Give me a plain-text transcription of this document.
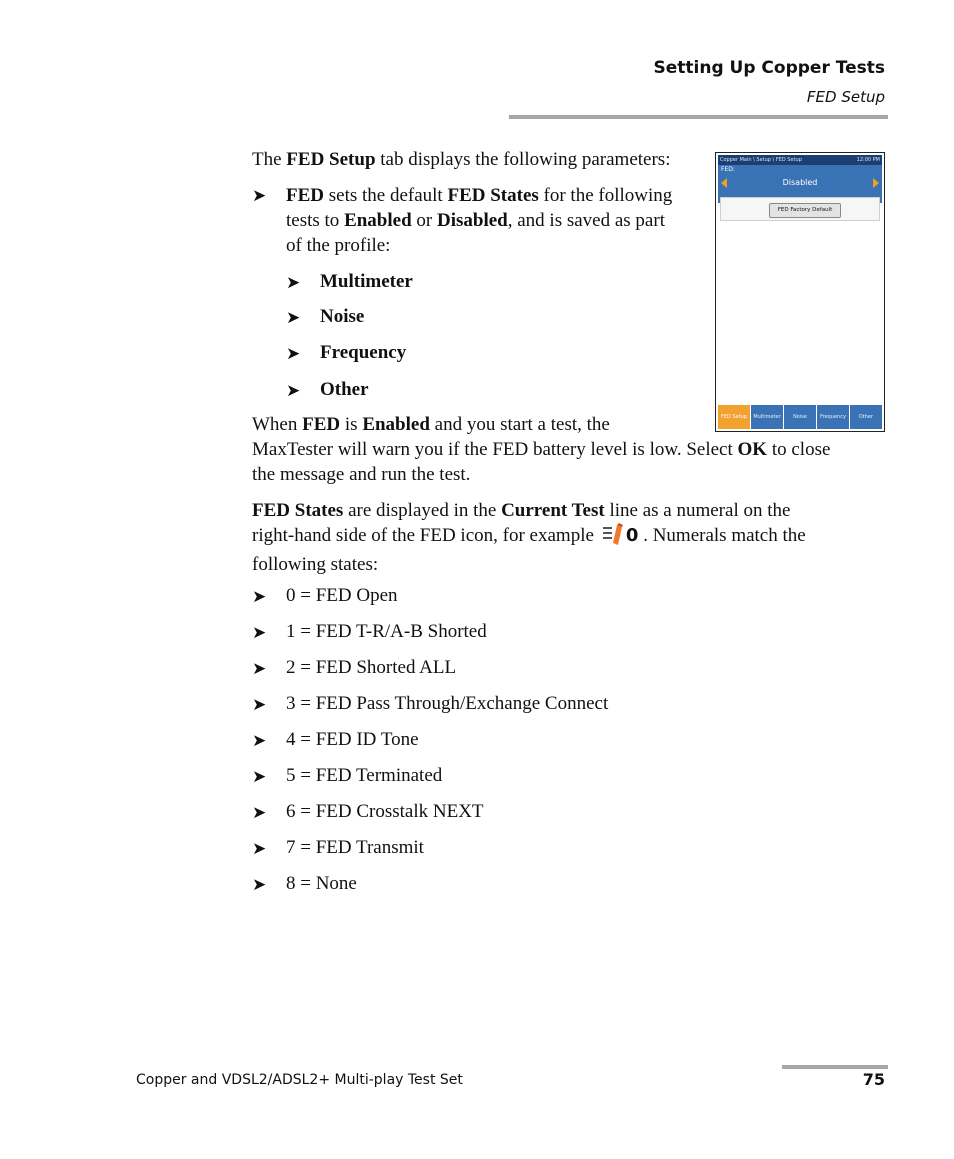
Setting Up Copper Tests
FED Setup
The FED Setup tab displays the following parameters:
➤ FED sets the default FED States for the following
tests to Enabled or Disabled, and is saved as part
of the profile:
➤ Multimeter
➤ Noise
➤ Frequency
➤ Other
Copper Main \ Setup \ FED Setup	12:00 PM
FED:
Disabled
FED Factory Default
FED Setup	Multimeter	Noise	Frequency	Other
When FED is Enabled and you start a test, the
MaxTester will warn you if the FED battery level is low. Select OK to close
the message and run the test.
FED States are displayed in the Current Test line as a numeral on the
right-hand side of the FED icon, for example 0 . Numerals match the
following states:
➤ 0 = FED Open
➤ 1 = FED T-R/A-B Shorted
➤ 2 = FED Shorted ALL
➤ 3 = FED Pass Through/Exchange Connect
➤ 4 = FED ID Tone
➤ 5 = FED Terminated
➤ 6 = FED Crosstalk NEXT
➤ 7 = FED Transmit
➤ 8 = None
Copper and VDSL2/ADSL2+ Multi-play Test Set	75
